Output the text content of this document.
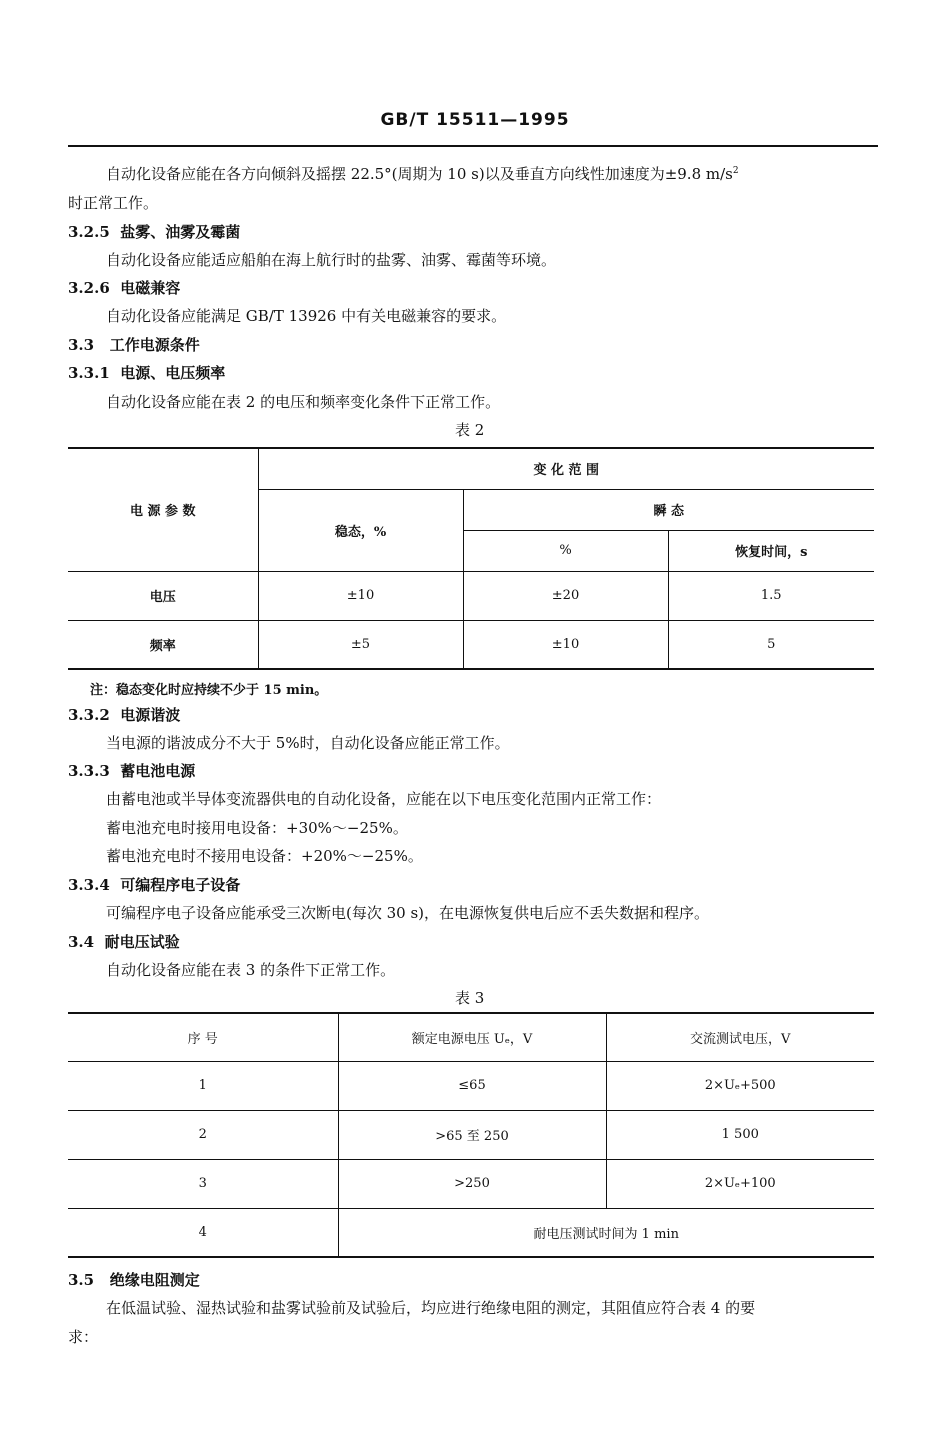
GB/T 15511—1995
自动化设备应能在各方向倾斜及摇摆 22.5°(周期为 10 s)以及垂直方向线性加速度为±9.8 $m/s^2$
时正常工作。
3.2.5 盐雾、油雾及霉菌
自动化设备应能适应船舶在海上航行时的盐雾、油雾、霉菌等环境。
3.2.6 电磁兼容
自动化设备应能满足 GB/T 13926 中有关电磁兼容的要求。
3.3 工作电源条件
3.3.1 电源、电压频率
自动化设备应能在表 2 的电压和频率变化条件下正常工作。
表 2
电 源 参 数	变 化 范 围		
	稳态，%	瞬 态	
		%	恢复时间，s
电压	±10	±20	1.5
频率	±5	±10	5
注：稳态变化时应持续不少于 15 min。
3.3.2 电源谐波
当电源的谐波成分不大于 5%时，自动化设备应能正常工作。
3.3.3 蓄电池电源
由蓄电池或半导体变流器供电的自动化设备，应能在以下电压变化范围内正常工作：
蓄电池充电时接用电设备：+30%～−25%。
蓄电池充电时不接用电设备：+20%～−25%。
3.3.4 可编程序电子设备
可编程序电子设备应能承受三次断电(每次 30 s)，在电源恢复供电后应不丢失数据和程序。
3.4 耐电压试验
自动化设备应能在表 3 的条件下正常工作。
表 3
序 号	额定电源电压 Uₑ，V	交流测试电压，V
1	≤65	2×Uₑ+500
2	>65 至 250	1 500
3	>250	2×Uₑ+100
4	耐电压测试时间为 1 min	
3.5 绝缘电阻测定
在低温试验、湿热试验和盐雾试验前及试验后，均应进行绝缘电阻的测定，其阻值应符合表 4 的要
求：
